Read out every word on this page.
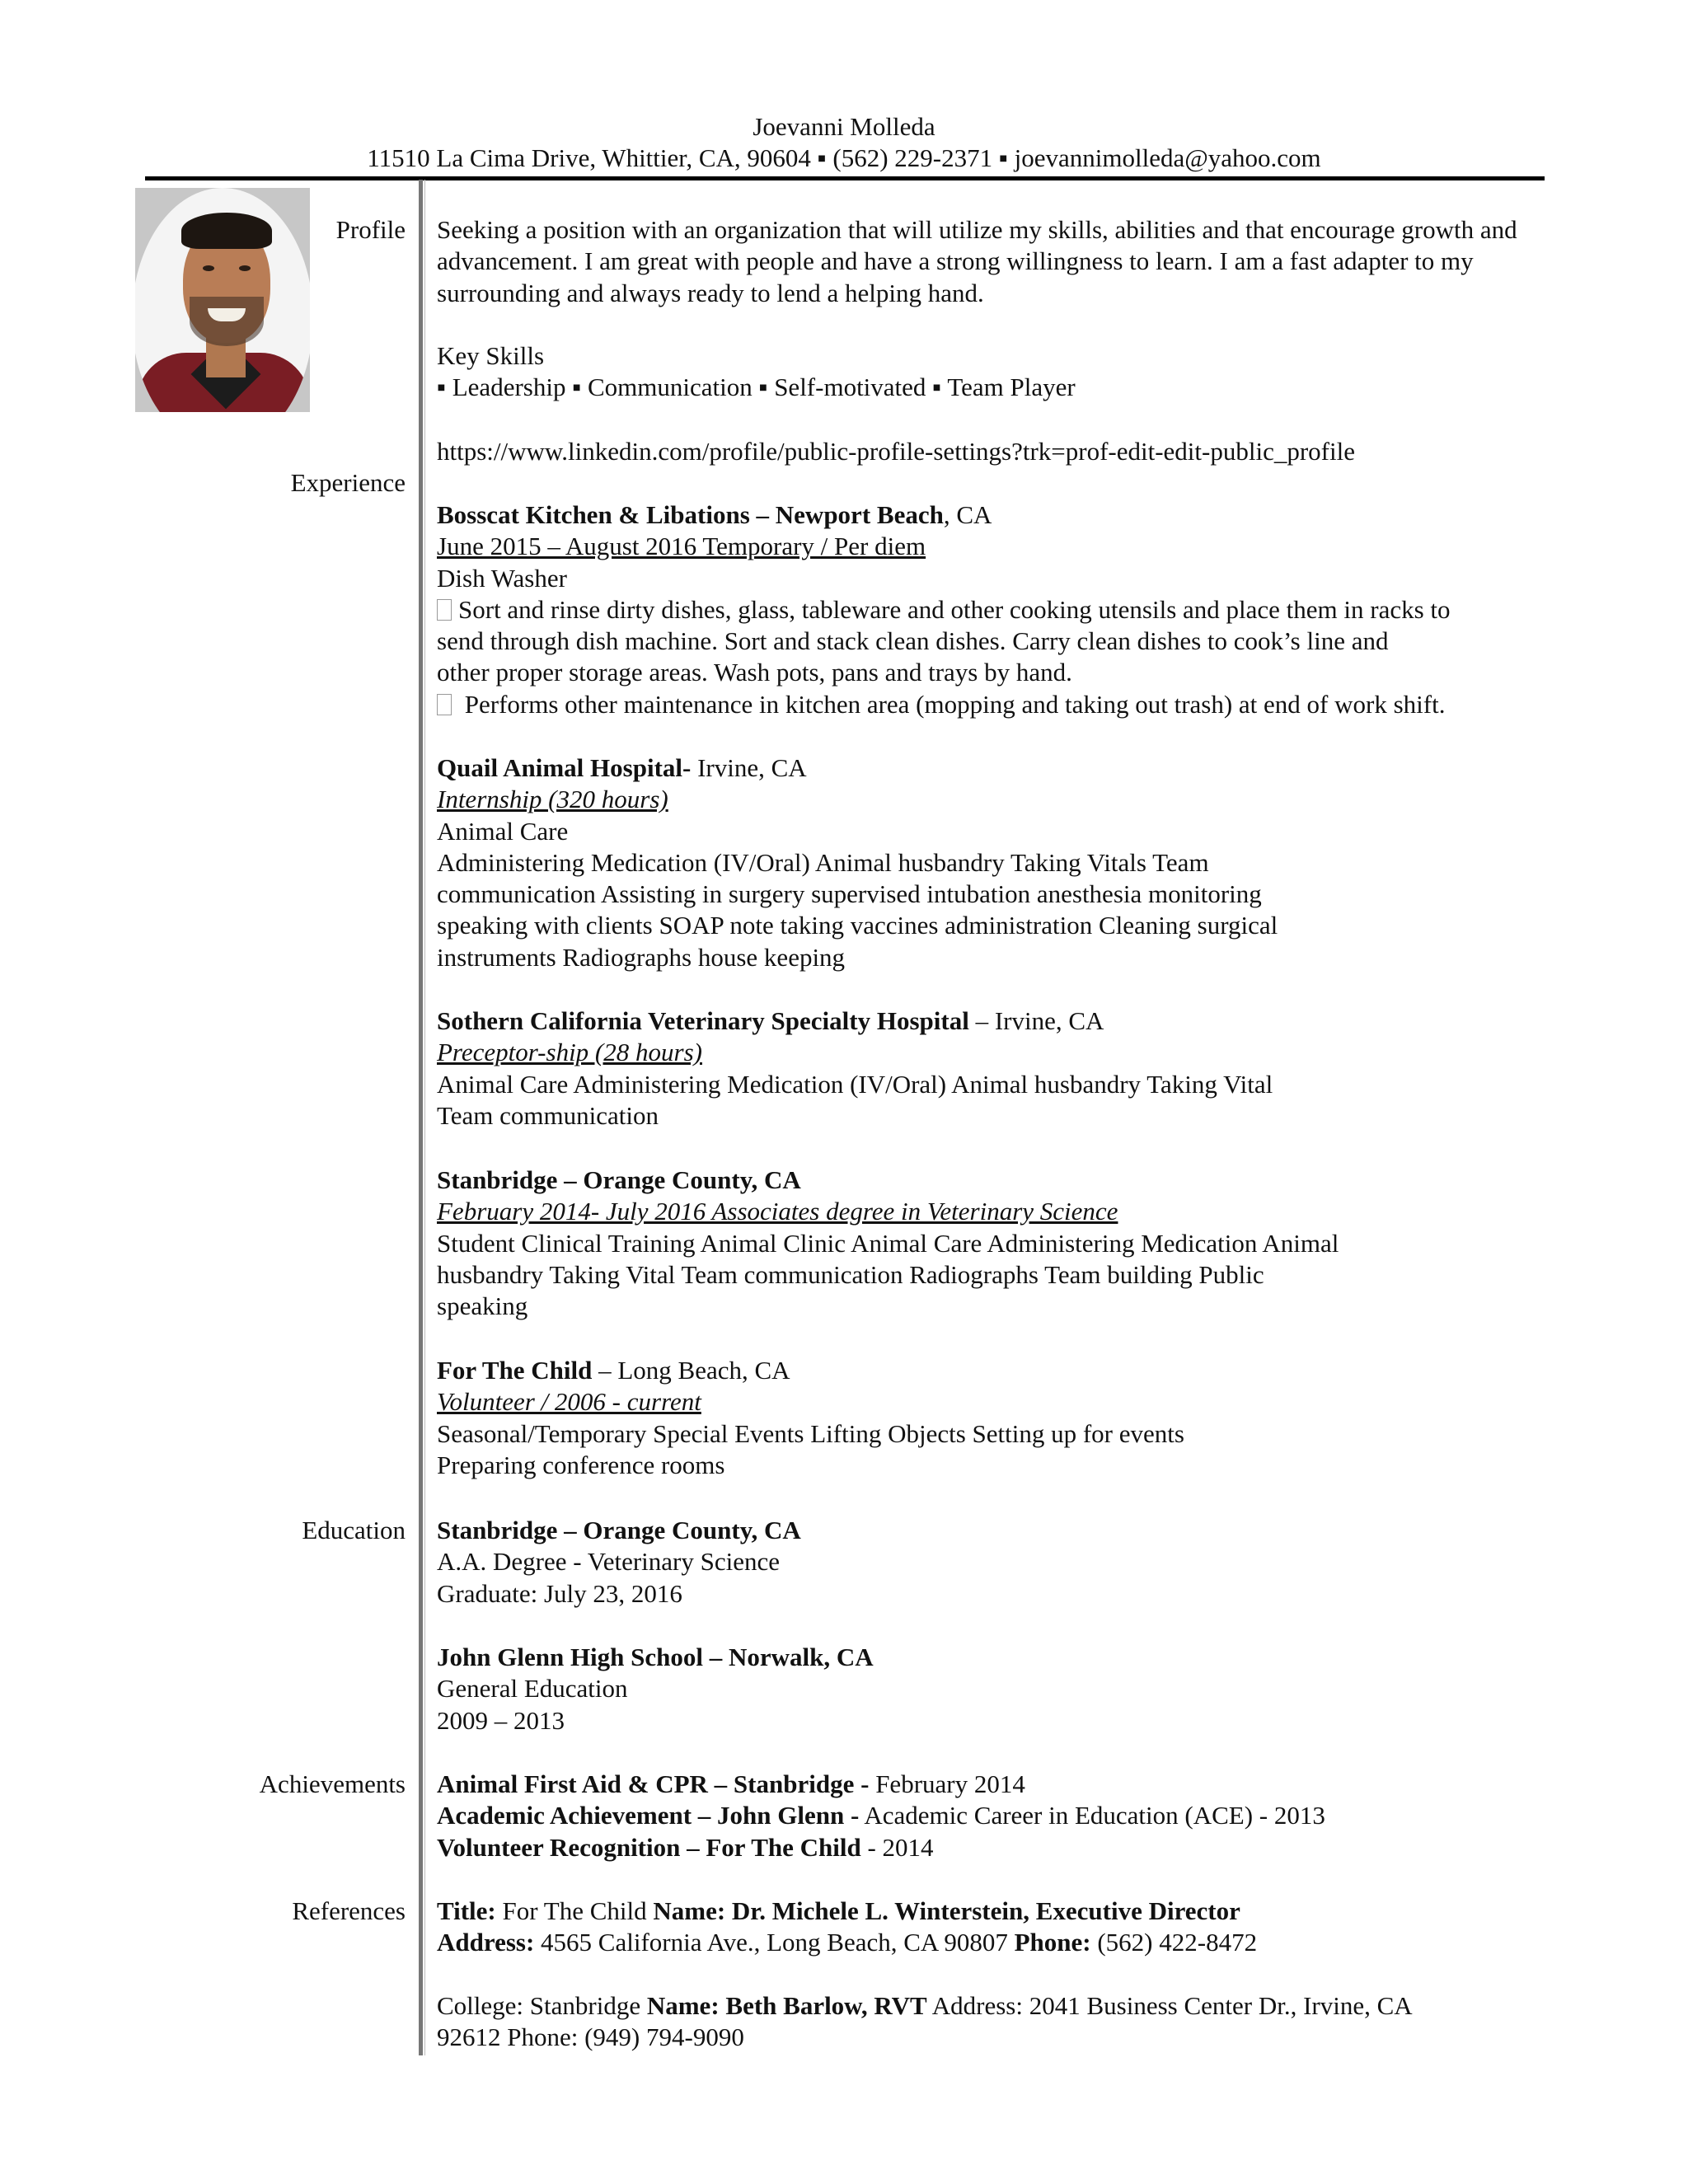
Joevanni Molleda
11510 La Cima Drive, Whittier, CA, 90604 ▪ (562) 229-2371 ▪ joevannimolleda@yahoo.com
Profile
Experience
Education
Achievements
References
Seeking a position with an organization that will utilize my skills, abilities and that encourage growth and advancement. I am great with people and have a strong willingness to learn. I am a fast adapter to my surrounding and always ready to lend a helping hand.
Key Skills
▪ Leadership ▪ Communication ▪ Self-motivated ▪ Team Player
https://www.linkedin.com/profile/public-profile-settings?trk=prof-edit-edit-public_profile
Bosscat Kitchen & Libations – Newport Beach, CA
June 2015 – August 2016 Temporary / Per diem
Dish Washer
Sort and rinse dirty dishes, glass, tableware and other cooking utensils and place them in racks to
send through dish machine. Sort and stack clean dishes. Carry clean dishes to cook’s line and
other proper storage areas. Wash pots, pans and trays by hand.
Performs other maintenance in kitchen area (mopping and taking out trash) at end of work shift.
Quail Animal Hospital- Irvine, CA
Internship (320 hours)
Animal Care
Administering Medication (IV/Oral) Animal husbandry Taking Vitals Team
communication Assisting in surgery supervised intubation anesthesia monitoring
speaking with clients SOAP note taking vaccines administration Cleaning surgical
instruments Radiographs house keeping
Sothern California Veterinary Specialty Hospital – Irvine, CA
Preceptor-ship (28 hours)
Animal Care Administering Medication (IV/Oral) Animal husbandry Taking Vital
Team communication
Stanbridge – Orange County, CA
February 2014- July 2016 Associates degree in Veterinary Science
Student Clinical Training Animal Clinic Animal Care Administering Medication Animal
husbandry Taking Vital Team communication Radiographs Team building Public
speaking
For The Child – Long Beach, CA
Volunteer / 2006 - current
Seasonal/Temporary Special Events Lifting Objects Setting up for events
Preparing conference rooms
Stanbridge – Orange County, CA
A.A. Degree - Veterinary Science
Graduate: July 23, 2016
John Glenn High School – Norwalk, CA
General Education
2009 – 2013
Animal First Aid & CPR – Stanbridge - February 2014
Academic Achievement – John Glenn - Academic Career in Education (ACE) - 2013
Volunteer Recognition – For The Child - 2014
Title: For The Child Name: Dr. Michele L. Winterstein, Executive Director
Address: 4565 California Ave., Long Beach, CA 90807 Phone: (562) 422-8472
College: Stanbridge Name: Beth Barlow, RVT Address: 2041 Business Center Dr., Irvine, CA
92612 Phone: (949) 794-9090
